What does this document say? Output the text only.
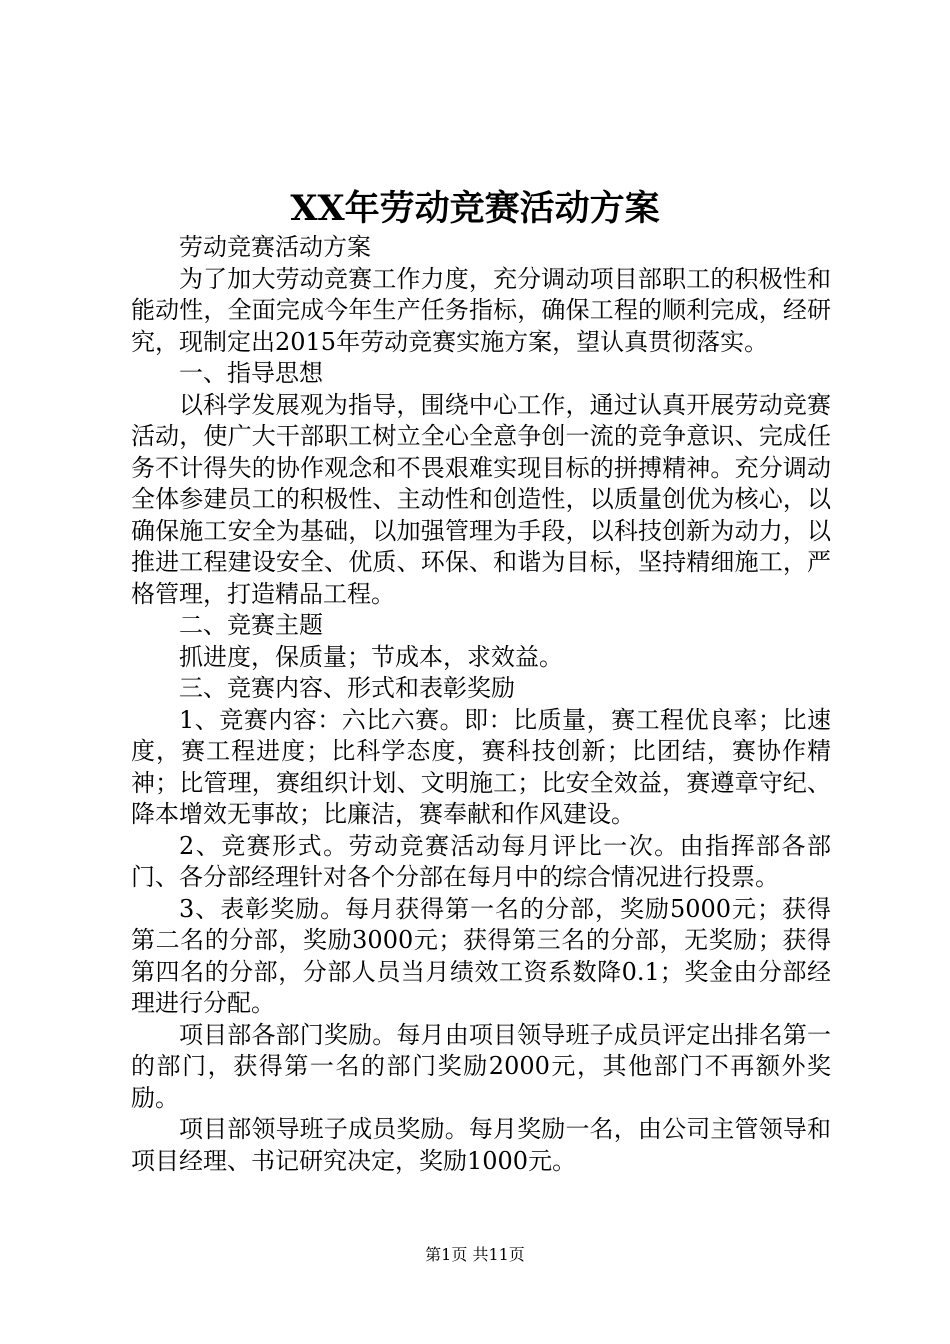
XX年劳动竞赛活动方案

劳动竞赛活动方案

为了加大劳动竞赛工作力度，充分调动项目部职工的积极性和能动性，全面完成今年生产任务指标，确保工程的顺利完成，经研究，现制定出2015年劳动竞赛实施方案，望认真贯彻落实。

一、指导思想

以科学发展观为指导，围绕中心工作，通过认真开展劳动竞赛活动，使广大干部职工树立全心全意争创一流的竞争意识、完成任务不计得失的协作观念和不畏艰难实现目标的拼搏精神。充分调动全体参建员工的积极性、主动性和创造性，以质量创优为核心，以确保施工安全为基础，以加强管理为手段，以科技创新为动力，以推进工程建设安全、优质、环保、和谐为目标，坚持精细施工，严格管理，打造精品工程。

二、竞赛主题

抓进度，保质量；节成本，求效益。

三、竞赛内容、形式和表彰奖励

1、竞赛内容：六比六赛。即：比质量，赛工程优良率；比速度，赛工程进度；比科学态度，赛科技创新；比团结，赛协作精神；比管理，赛组织计划、文明施工；比安全效益，赛遵章守纪、降本增效无事故；比廉洁，赛奉献和作风建设。

2、竞赛形式。劳动竞赛活动每月评比一次。由指挥部各部门、各分部经理针对各个分部在每月中的综合情况进行投票。

3、表彰奖励。每月获得第一名的分部，奖励5000元；获得第二名的分部，奖励3000元；获得第三名的分部，无奖励；获得第四名的分部，分部人员当月绩效工资系数降0.1；奖金由分部经理进行分配。

项目部各部门奖励。每月由项目领导班子成员评定出排名第一的部门，获得第一名的部门奖励2000元，其他部门不再额外奖励。

项目部领导班子成员奖励。每月奖励一名，由公司主管领导和项目经理、书记研究决定，奖励1000元。

第1页 共11页
